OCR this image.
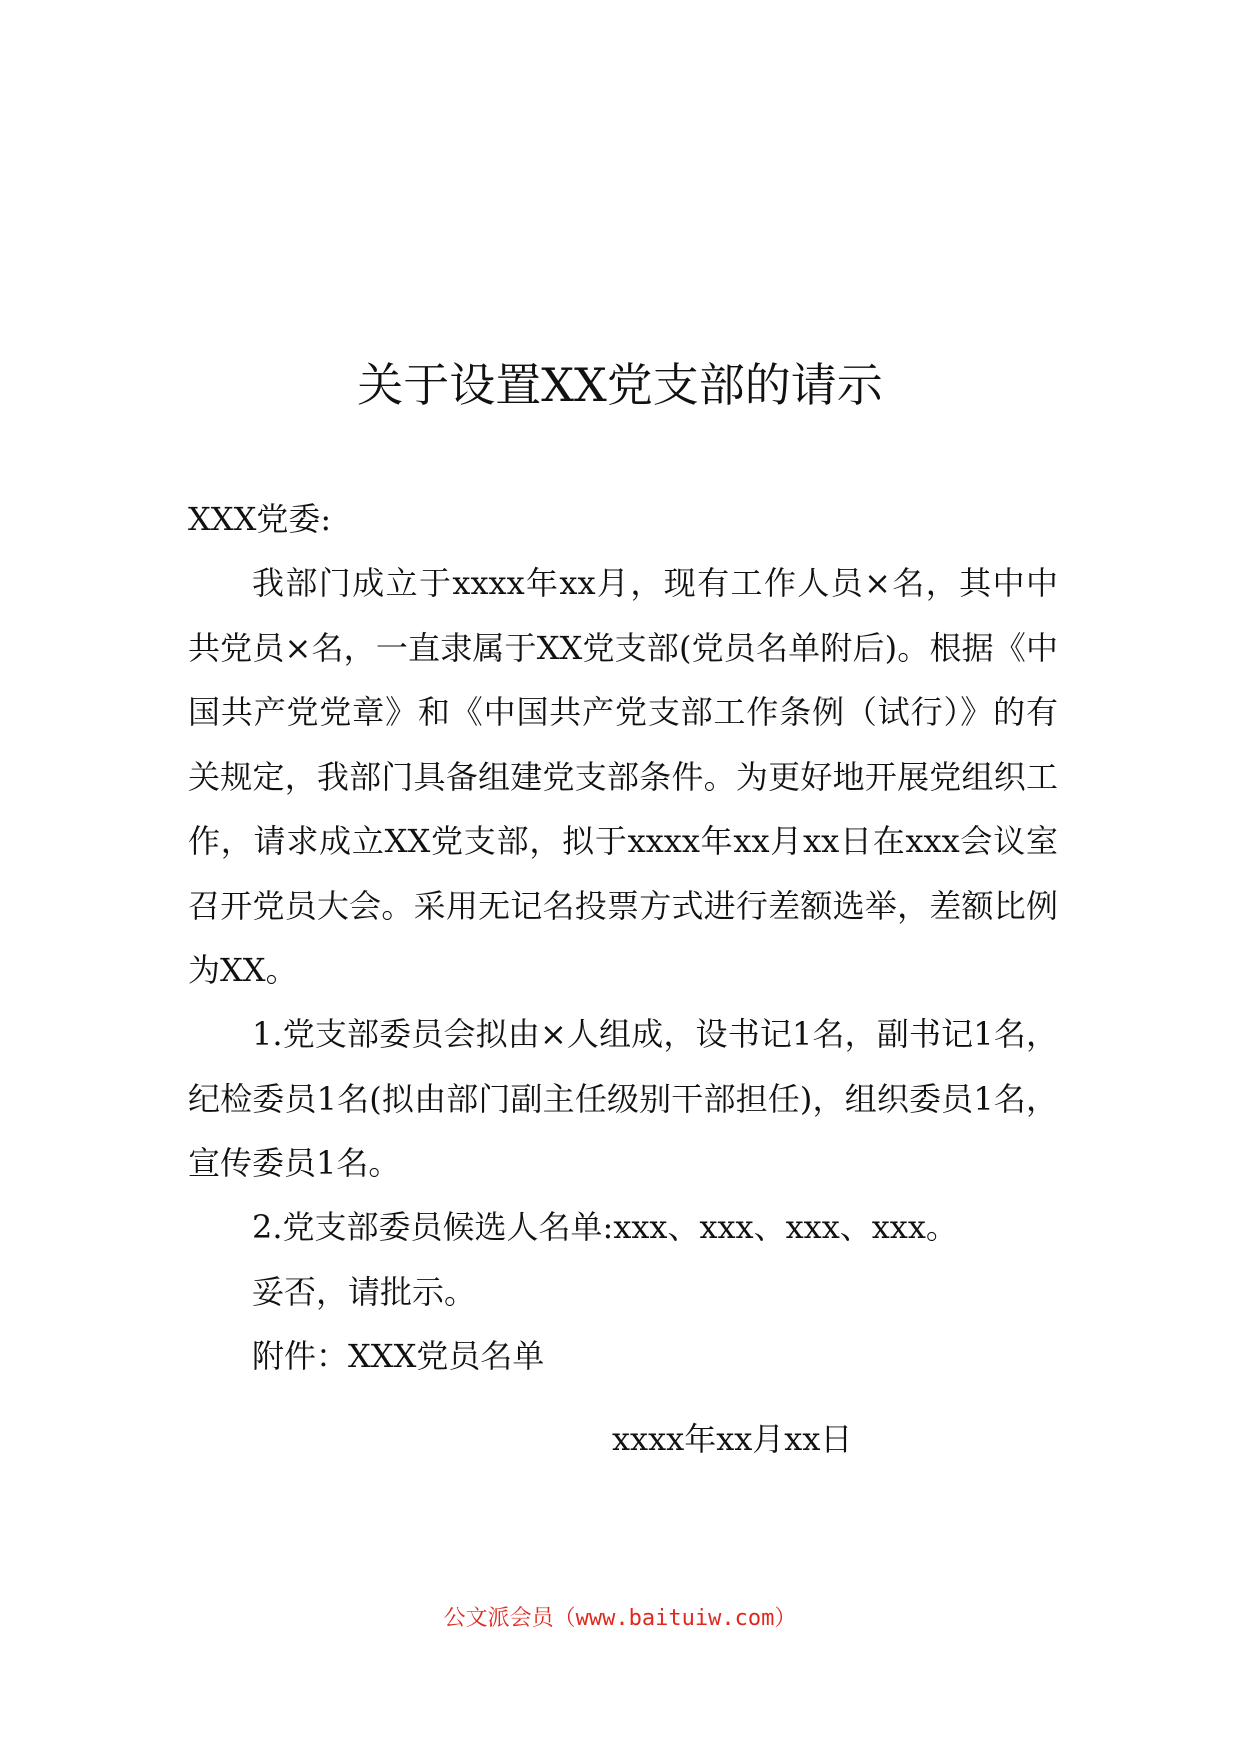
关于设置XX党支部的请示
XXX党委:

我部门成立于xxxx年xx月，现有工作人员×名，其中中共党员×名，一直隶属于XX党支部(党员名单附后)。根据《中国共产党党章》和《中国共产党支部工作条例（试行）》的有关规定，我部门具备组建党支部条件。为更好地开展党组织工作，请求成立XX党支部，拟于xxxx年xx月xx日在xxx会议室召开党员大会。采用无记名投票方式进行差额选举，差额比例为XX。

1.党支部委员会拟由×人组成，设书记1名，副书记1名，纪检委员1名(拟由部门副主任级别干部担任)，组织委员1名，宣传委员1名。

2.党支部委员候选人名单:xxx、xxx、xxx、xxx。
妥否，请批示。
附件：XXX党员名单
xxxx年xx月xx日
公文派会员（www.baituiw.com）
